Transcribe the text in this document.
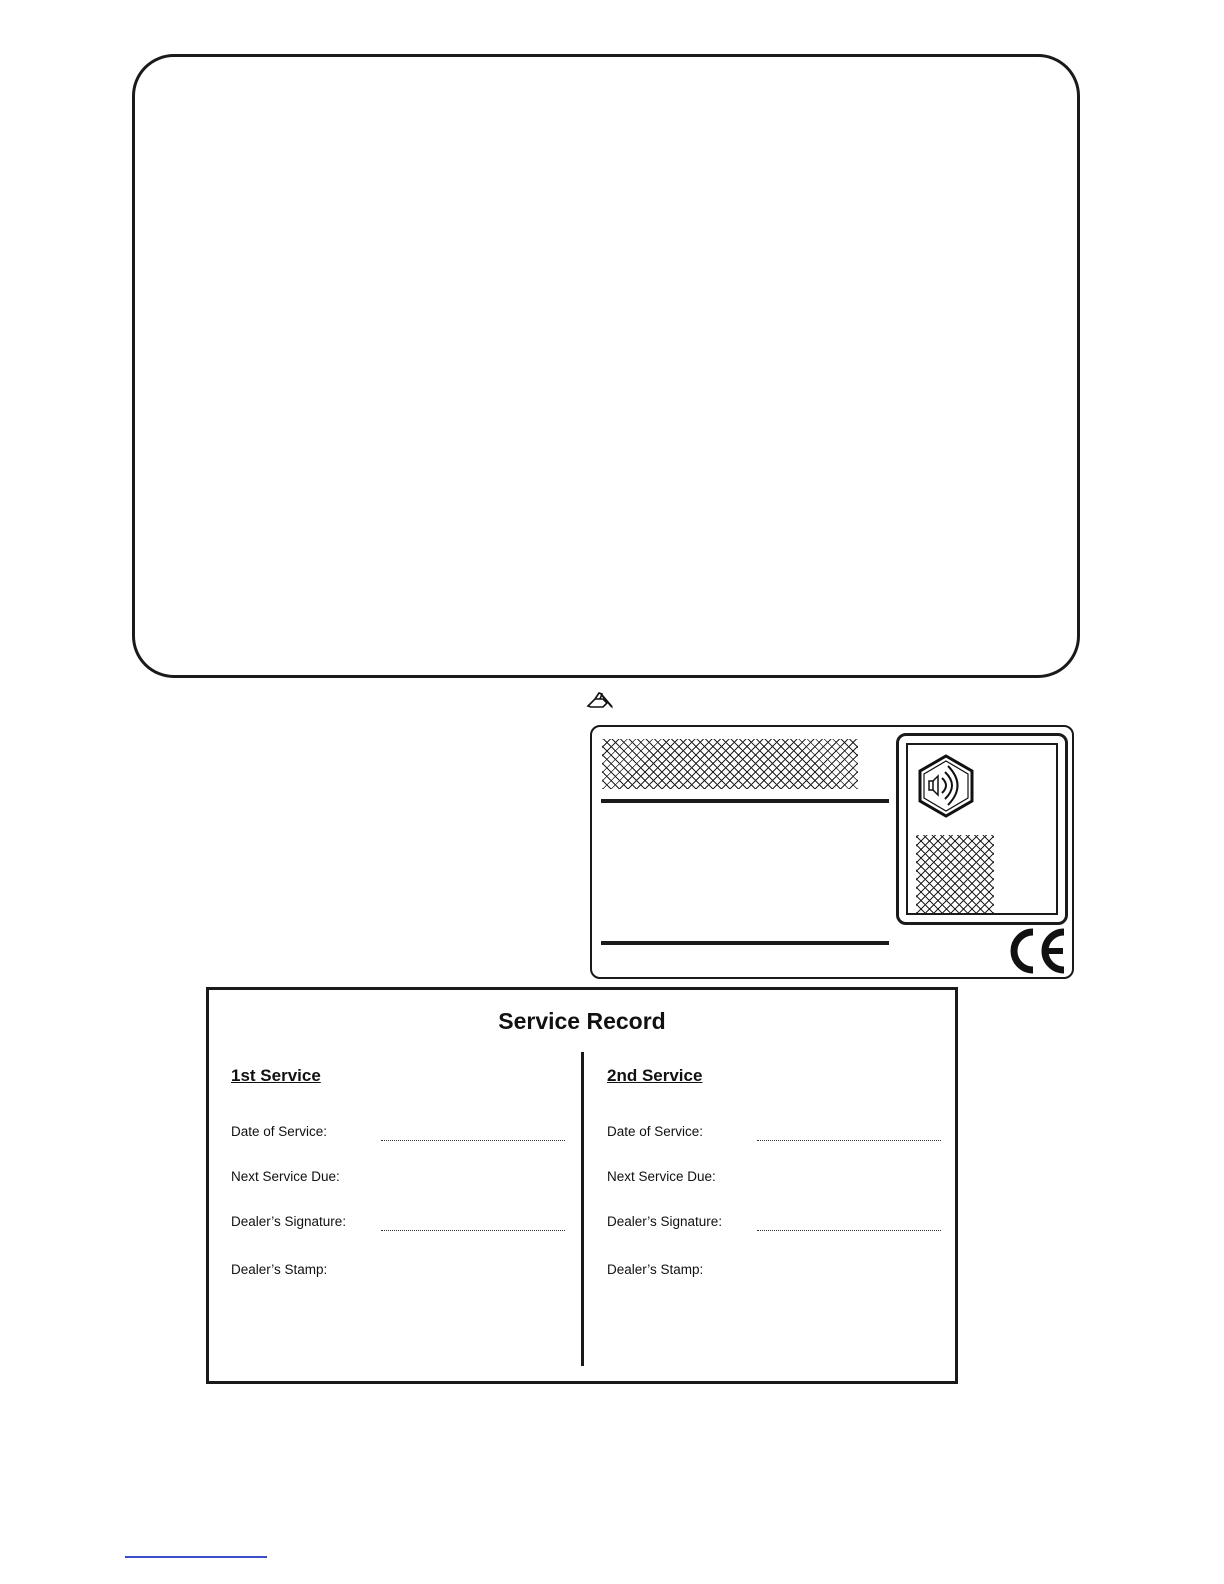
Service Record
1st Service
Date of Service:
Next Service Due:
Dealer’s Signature:
Dealer’s Stamp:
2nd Service
Date of Service:
Next Service Due:
Dealer’s Signature:
Dealer’s Stamp:
